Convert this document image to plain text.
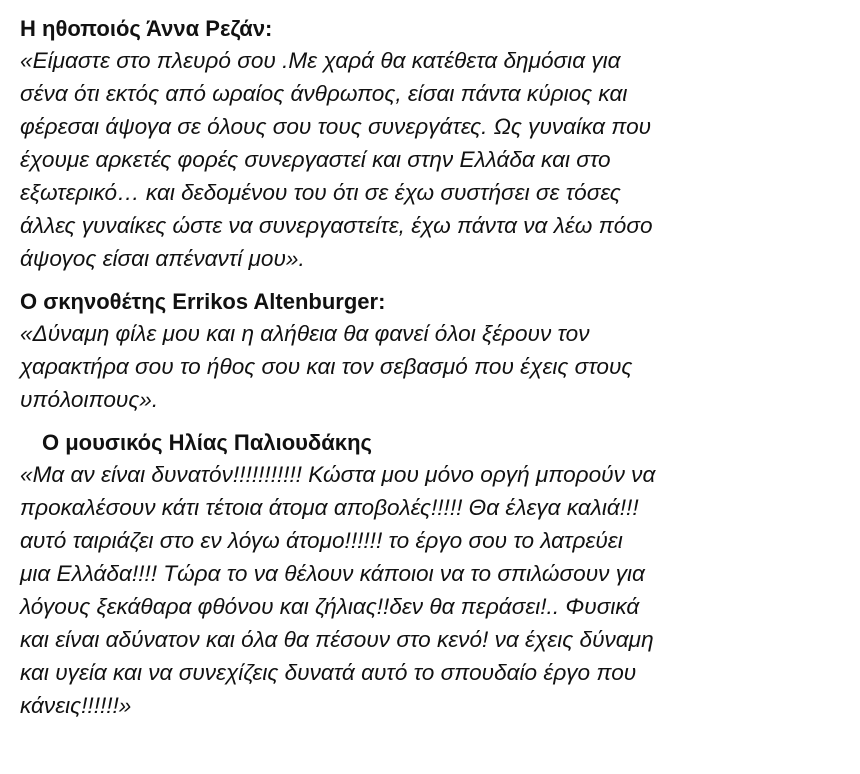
Η ηθοποιός Άννα Ρεζάν:

«Είμαστε στο πλευρό σου .Με χαρά θα κατέθετα δημόσια για
σένα ότι εκτός από ωραίος άνθρωπος, είσαι πάντα κύριος και
φέρεσαι άψογα σε όλους σου τους συνεργάτες. Ως γυναίκα που
έχουμε αρκετές φορές συνεργαστεί και στην Ελλάδα και στο
εξωτερικό… και δεδομένου του ότι σε έχω συστήσει σε τόσες
άλλες γυναίκες ώστε να συνεργαστείτε, έχω πάντα να λέω πόσο
άψογος είσαι απέναντί μου».

Ο σκηνοθέτης Errikos Altenburger:

«Δύναμη φίλε μου και η αλήθεια θα φανεί όλοι ξέρουν τον
χαρακτήρα σου το ήθος σου και τον σεβασμό που έχεις στους
υπόλοιπους».

Ο μουσικός Ηλίας Παλιουδάκης

«Μα αν είναι δυνατόν!!!!!!!!!!! Κώστα μου μόνο οργή μπορούν να
προκαλέσουν κάτι τέτοια άτομα αποβολές!!!!! Θα έλεγα καλιά!!!
αυτό ταιριάζει στο εν λόγω άτομο!!!!!! το έργο σου το λατρεύει
μια Ελλάδα!!!! Τώρα το να θέλουν κάποιοι να το σπιλώσουν για
λόγους ξεκάθαρα φθόνου και ζήλιας!!δεν θα περάσει!.. Φυσικά
και είναι αδύνατον και όλα θα πέσουν στο κενό! να έχεις δύναμη
και υγεία και να συνεχίζεις δυνατά αυτό το σπουδαίο έργο που
κάνεις!!!!!!»
